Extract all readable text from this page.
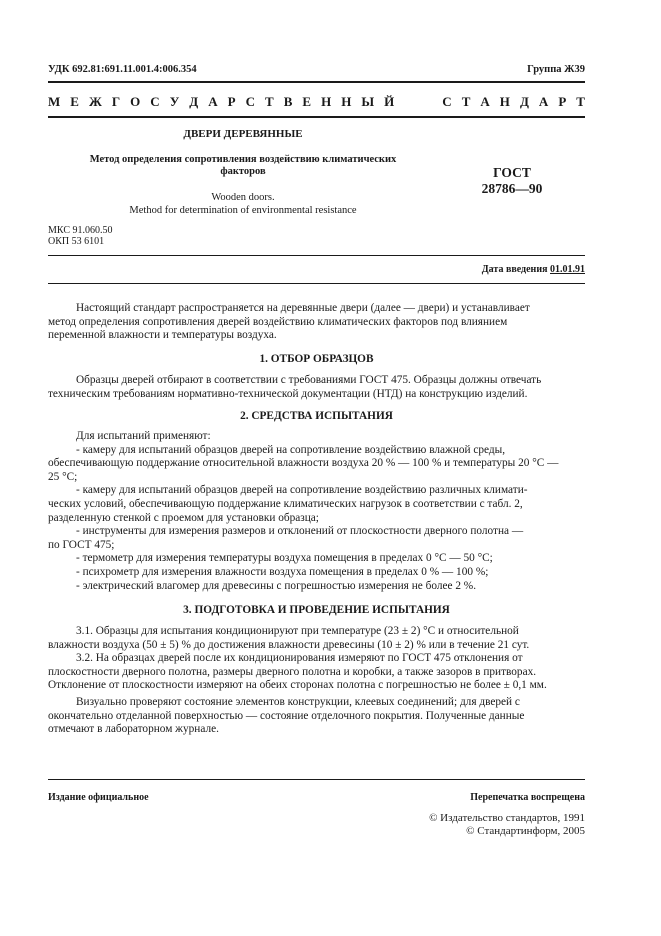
УДК 692.81:691.11.001.4:006.354	Группа Ж39
М Е Ж Г О С У Д А Р С Т В Е Н Н Ы Й	С Т А Н Д А Р Т
ДВЕРИ ДЕРЕВЯННЫЕ
Метод определения сопротивления воздействию климатических
факторов
Wooden doors.
Method for determination of environmental resistance
ГОСТ
28786—90
МКС 91.060.50
ОКП 53 6101
Дата введения 01.01.91

Настоящий стандарт распространяется на деревянные двери (далее — двери) и устанавливает

метод определения сопротивления дверей воздействию климатических факторов под влиянием

переменной влажности и температуры воздуха.

1. ОТБОР ОБРАЗЦОВ

Образцы дверей отбирают в соответствии с требованиями ГОСТ 475. Образцы должны отвечать

техническим требованиям нормативно-технической документации (НТД) на конструкцию изделий.

2. СРЕДСТВА ИСПЫТАНИЯ

Для испытаний применяют:

- камеру для испытаний образцов дверей на сопротивление воздействию влажной среды,

обеспечивающую поддержание относительной влажности воздуха 20 % — 100 % и температуры 20 °C —

25 °C;

- камеру для испытаний образцов дверей на сопротивление воздействию различных климати-

ческих условий, обеспечивающую поддержание климатических нагрузок в соответствии с табл. 2,

разделенную стенкой с проемом для установки образца;

- инструменты для измерения размеров и отклонений от плоскостности дверного полотна —

по ГОСТ 475;

- термометр для измерения температуры воздуха помещения в пределах 0 °C — 50 °C;

- психрометр для измерения влажности воздуха помещения в пределах 0 % — 100 %;

- электрический влагомер для древесины с погрешностью измерения не более 2 %.

3. ПОДГОТОВКА И ПРОВЕДЕНИЕ ИСПЫТАНИЯ

3.1. Образцы для испытания кондиционируют при температуре (23 ± 2) °C и относительной

влажности воздуха (50 ± 5) % до достижения влажности древесины (10 ± 2) % или в течение 21 сут.

3.2. На образцах дверей после их кондиционирования измеряют по ГОСТ 475 отклонения от

плоскостности дверного полотна, размеры дверного полотна и коробки, а также зазоров в притворах.

Отклонение от плоскостности измеряют на обеих сторонах полотна с погрешностью не более ± 0,1 мм.

Визуально проверяют состояние элементов конструкции, клеевых соединений; для дверей с

окончательно отделанной поверхностью — состояние отделочного покрытия. Полученные данные

отмечают в лабораторном журнале.

Издание официальное	Перепечатка воспрещена
© Издательство стандартов, 1991
© Стандартинформ, 2005
